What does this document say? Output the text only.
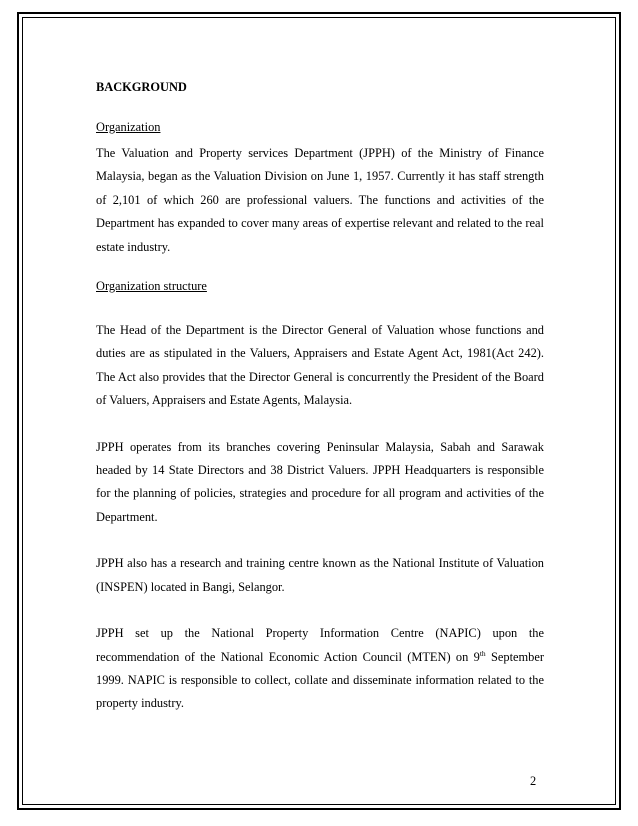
BACKGROUND
Organization

The Valuation and Property services Department (JPPH) of the Ministry of Finance Malaysia, began as the Valuation Division on June 1, 1957. Currently it has staff strength of 2,101 of which 260 are professional valuers. The functions and activities of the Department has expanded to cover many areas of expertise relevant and related to the real estate industry.

Organization structure

The Head of the Department is the Director General of Valuation whose functions and duties are as stipulated in the Valuers, Appraisers and Estate Agent Act, 1981(Act 242). The Act also provides that the Director General is concurrently the President of the Board of Valuers, Appraisers and Estate Agents, Malaysia.

JPPH operates from its branches covering Peninsular Malaysia, Sabah and Sarawak headed by 14 State Directors and 38 District Valuers. JPPH Headquarters is responsible for the planning of policies, strategies and procedure for all program and activities of the Department.

JPPH also has a research and training centre known as the National Institute of Valuation (INSPEN) located in Bangi, Selangor.

JPPH set up the National Property Information Centre (NAPIC) upon the recommendation of the National Economic Action Council (MTEN) on 9th September 1999. NAPIC is responsible to collect, collate and disseminate information related to the property industry.

2
